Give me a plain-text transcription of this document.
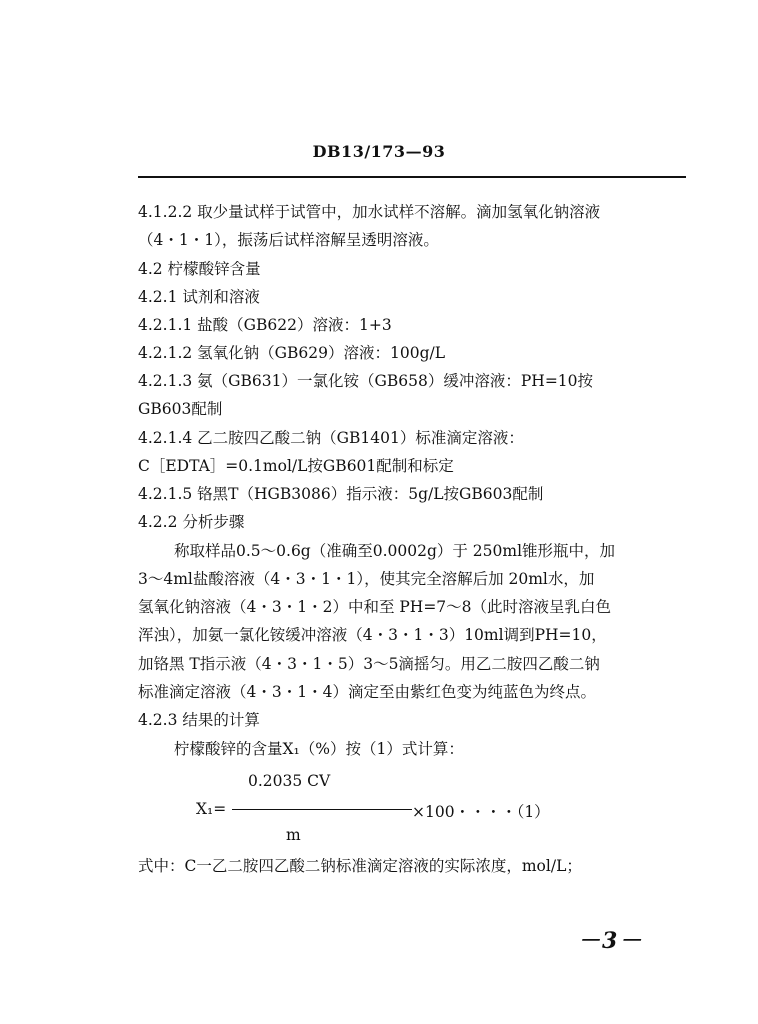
DB13/173—93
4.1.2.2 取少量试样于试管中，加水试样不溶解。滴加氢氧化钠溶液
（4・1・1），振荡后试样溶解呈透明溶液。
4.2 柠檬酸锌含量
4.2.1 试剂和溶液
4.2.1.1 盐酸（GB622）溶液：1+3
4.2.1.2 氢氧化钠（GB629）溶液：100g/L
4.2.1.3 氨（GB631）一氯化铵（GB658）缓冲溶液：PH=10按
GB603配制
4.2.1.4 乙二胺四乙酸二钠（GB1401）标准滴定溶液：
C［EDTA］=0.1mol/L按GB601配制和标定
4.2.1.5 铬黑T（HGB3086）指示液：5g/L按GB603配制
4.2.2 分析步骤
称取样品0.5～0.6g（准确至0.0002g）于 250ml锥形瓶中，加
3～4ml盐酸溶液（4・3・1・1），使其完全溶解后加 20ml水，加
氢氧化钠溶液（4・3・1・2）中和至 PH=7～8（此时溶液呈乳白色
浑浊），加氨一氯化铵缓冲溶液（4・3・1・3）10ml调到PH=10，
加铬黑 T指示液（4・3・1・5）3～5滴摇匀。用乙二胺四乙酸二钠
标准滴定溶液（4・3・1・4）滴定至由紫红色变为纯蓝色为终点。
4.2.3 结果的计算
柠檬酸锌的含量X₁（%）按（1）式计算：
0.2035 CV
X₁=	×100・・・・（1）
m
式中：C一乙二胺四乙酸二钠标准滴定溶液的实际浓度，mol/L；
－3－
